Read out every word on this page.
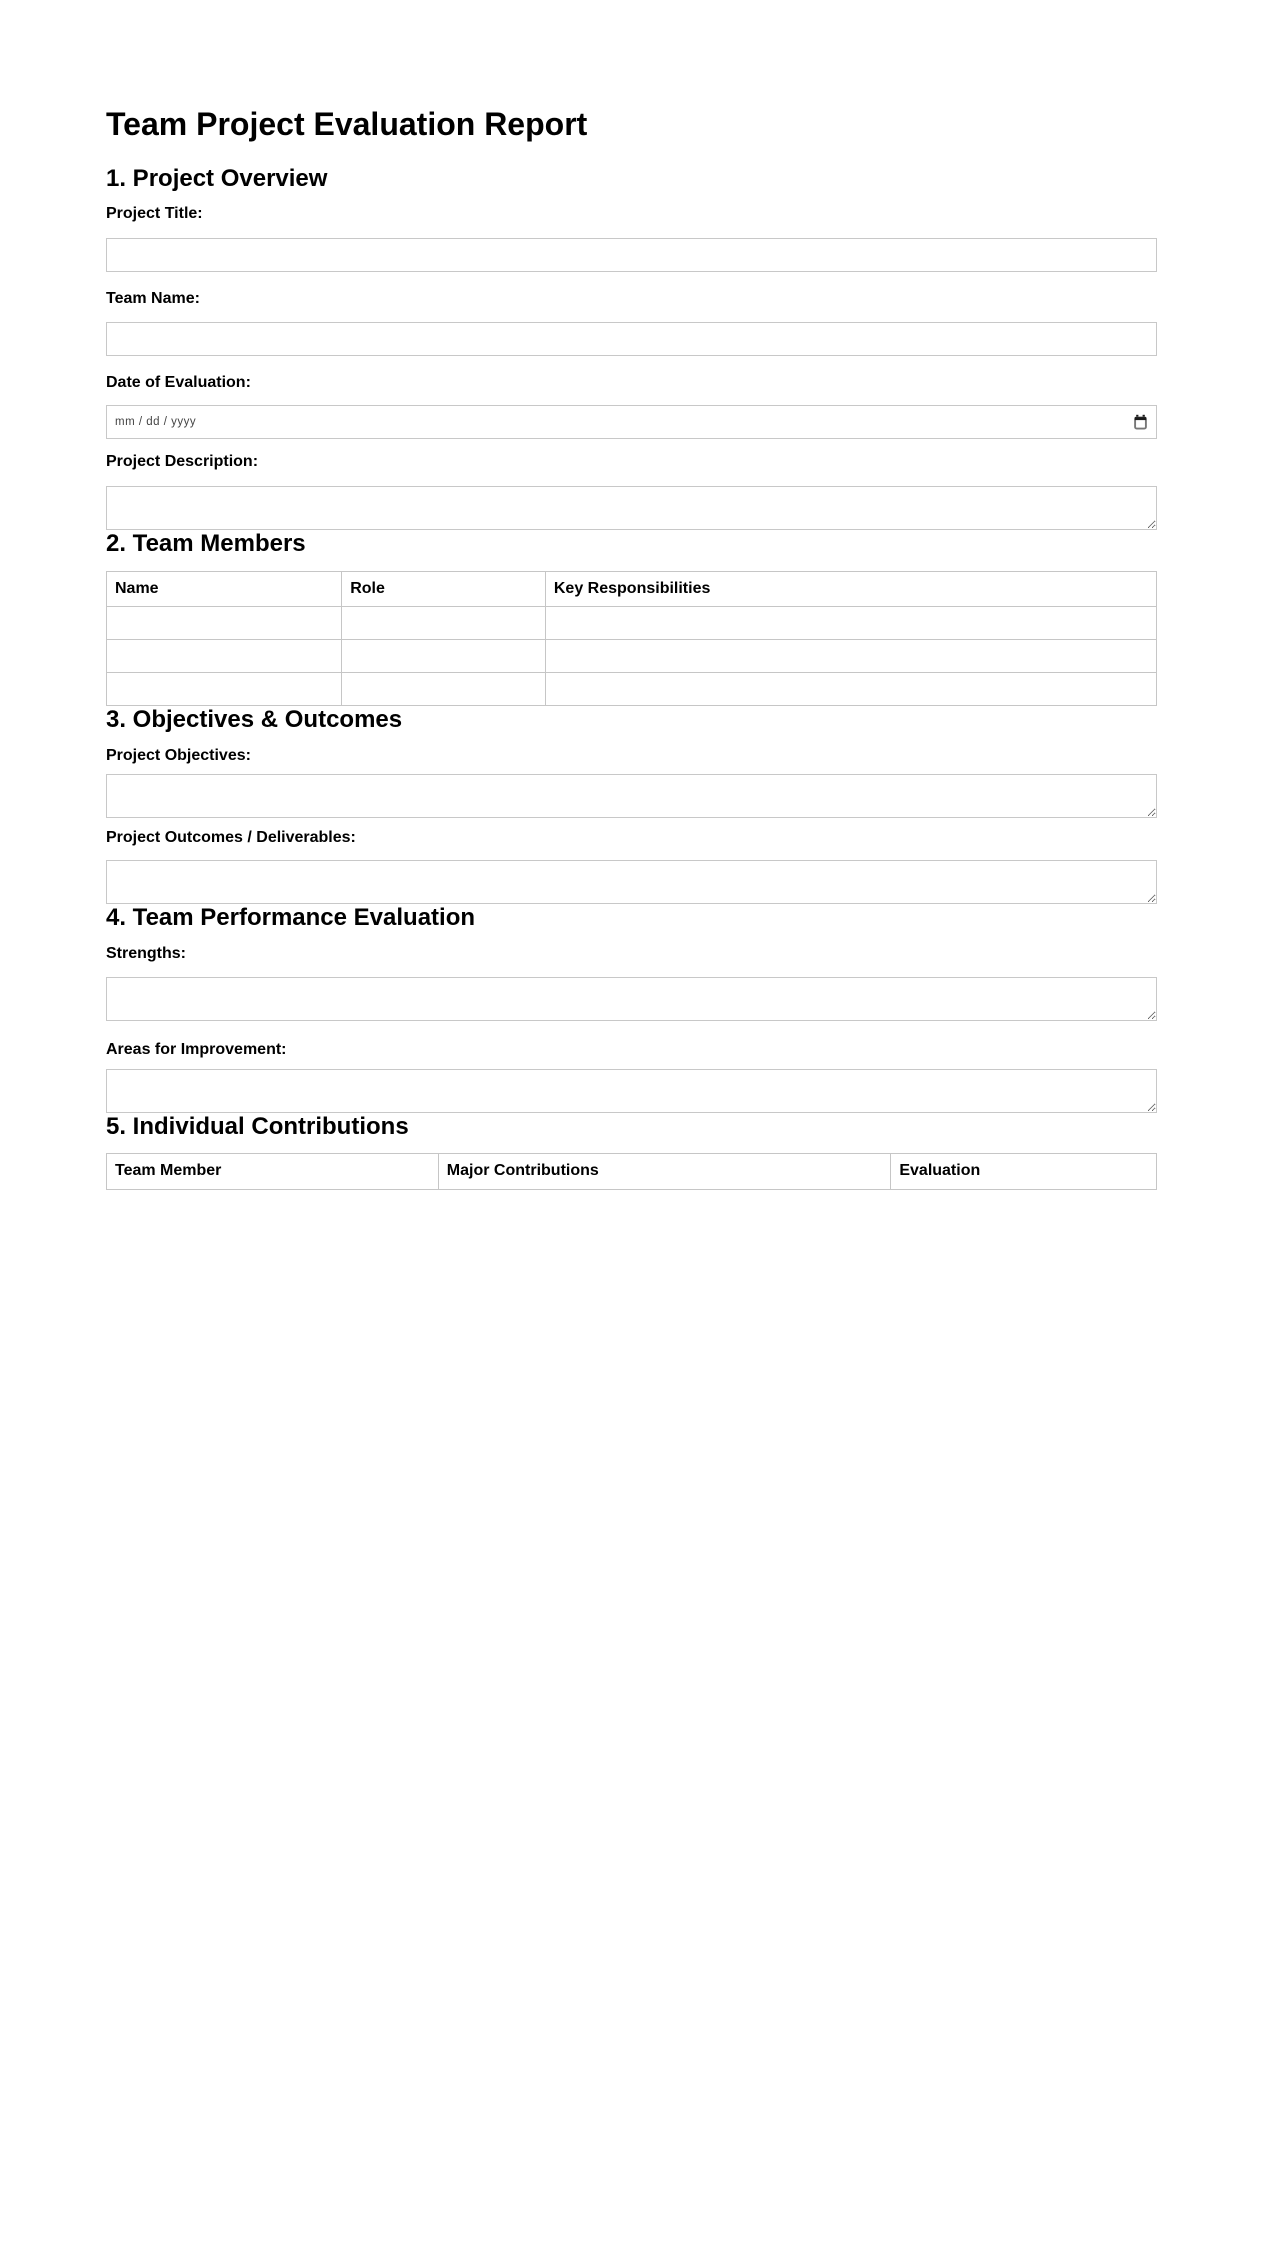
Team Project Evaluation Report
1. Project Overview

Project Title:

Team Name:

Date of Evaluation:

mm / dd / yyyy

Project Description:

2. Team Members
Name	Role	Key Responsibilities

3. Objectives & Outcomes

Project Objectives:

Project Outcomes / Deliverables:

4. Team Performance Evaluation

Strengths:

Areas for Improvement:

5. Individual Contributions
Team Member	Major Contributions	Evaluation
